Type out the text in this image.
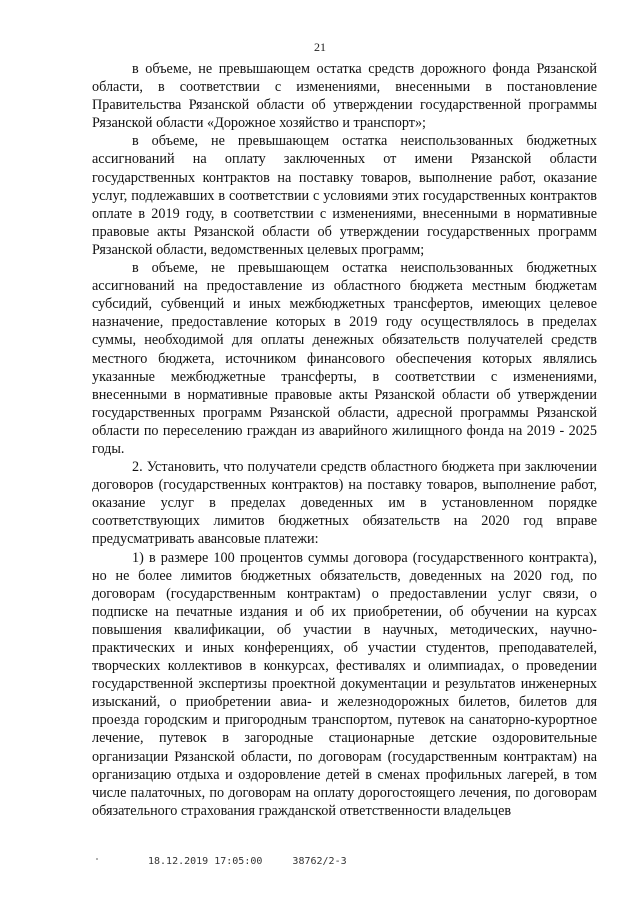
21

в объеме, не превышающем остатка средств дорожного фонда Рязанской области, в соответствии с изменениями, внесенными в постановление Правительства Рязанской области об утверждении государственной программы Рязанской области «Дорожное хозяйство и транспорт»;

в объеме, не превышающем остатка неиспользованных бюджетных ассигнований на оплату заключенных от имени Рязанской области государственных контрактов на поставку товаров, выполнение работ, оказание услуг, подлежавших в соответствии с условиями этих государственных контрактов оплате в 2019 году, в соответствии с изменениями, внесенными в нормативные правовые акты Рязанской области об утверждении государственных программ Рязанской области, ведомственных целевых программ;

в объеме, не превышающем остатка неиспользованных бюджетных ассигнований на предоставление из областного бюджета местным бюджетам субсидий, субвенций и иных межбюджетных трансфертов, имеющих целевое назначение, предоставление которых в 2019 году осуществлялось в пределах суммы, необходимой для оплаты денежных обязательств получателей средств местного бюджета, источником финансового обеспечения которых являлись указанные межбюджетные трансферты, в соответствии с изменениями, внесенными в нормативные правовые акты Рязанской области об утверждении государственных программ Рязанской области, адресной программы Рязанской области по переселению граждан из аварийного жилищного фонда на 2019 - 2025 годы.

2. Установить, что получатели средств областного бюджета при заключении договоров (государственных контрактов) на поставку товаров, выполнение работ, оказание услуг в пределах доведенных им в установленном порядке соответствующих лимитов бюджетных обязательств на 2020 год вправе предусматривать авансовые платежи:

1) в размере 100 процентов суммы договора (государственного контракта), но не более лимитов бюджетных обязательств, доведенных на 2020 год, по договорам (государственным контрактам) о предоставлении услуг связи, о подписке на печатные издания и об их приобретении, об обучении на курсах повышения квалификации, об участии в научных, методических, научно-практических и иных конференциях, об участии студентов, преподавателей, творческих коллективов в конкурсах, фестивалях и олимпиадах, о проведении государственной экспертизы проектной документации и результатов инженерных изысканий, о приобретении авиа- и железнодорожных билетов, билетов для проезда городским и пригородным транспортом, путевок на санаторно-курортное лечение, путевок в загородные стационарные детские оздоровительные организации Рязанской области, по договорам (государственным контрактам) на организацию отдыха и оздоровление детей в сменах профильных лагерей, в том числе палаточных, по договорам на оплату дорогостоящего лечения, по договорам обязательного страхования гражданской ответственности владельцев

18.12.2019 17:05:00	38762/2-3
